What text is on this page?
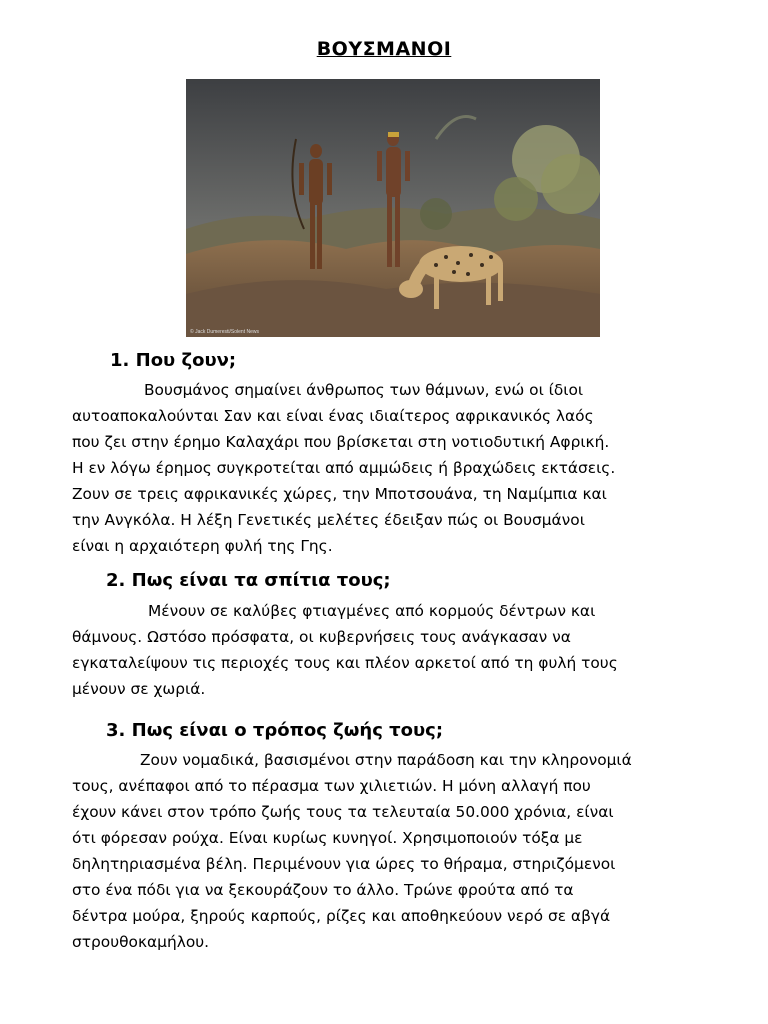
ΒΟΥΣΜΑΝΟΙ
© Jack Dumeresti/Solent News
1. Που ζουν;
Βουσμάνος σημαίνει άνθρωπος των θάμνων, ενώ οι ίδιοι
αυτοαποκαλούνται Σαν και είναι ένας ιδιαίτερος αφρικανικός λαός
που ζει στην έρημο Καλαχάρι που βρίσκεται στη νοτιοδυτική Αφρική.
Η εν λόγω έρημος συγκροτείται από αμμώδεις ή βραχώδεις εκτάσεις.
Ζουν σε τρεις αφρικανικές χώρες, την Μποτσουάνα, τη Ναμίμπια και
την Ανγκόλα. Η λέξη Γενετικές μελέτες έδειξαν πώς οι Βουσμάνοι
είναι η αρχαιότερη φυλή της Γης.
2. Πως είναι τα σπίτια τους;
Μένουν σε καλύβες φτιαγμένες από κορμούς δέντρων και
θάμνους. Ωστόσο πρόσφατα, οι κυβερνήσεις τους ανάγκασαν να
εγκαταλείψουν τις περιοχές τους και πλέον αρκετοί από τη φυλή τους
μένουν σε χωριά.
3. Πως είναι ο τρόπος ζωής τους;
Ζουν νομαδικά, βασισμένοι στην παράδοση και την κληρονομιά
τους, ανέπαφοι από το πέρασμα των χιλιετιών. Η μόνη αλλαγή που
έχουν κάνει στον τρόπο ζωής τους τα τελευταία 50.000 χρόνια, είναι
ότι φόρεσαν ρούχα. Είναι κυρίως κυνηγοί. Χρησιμοποιούν τόξα με
δηλητηριασμένα βέλη. Περιμένουν για ώρες το θήραμα, στηριζόμενοι
στο ένα πόδι για να ξεκουράζουν το άλλο. Τρώνε φρούτα από τα
δέντρα μούρα, ξηρούς καρπούς, ρίζες και αποθηκεύουν νερό σε αβγά
στρουθοκαμήλου.
